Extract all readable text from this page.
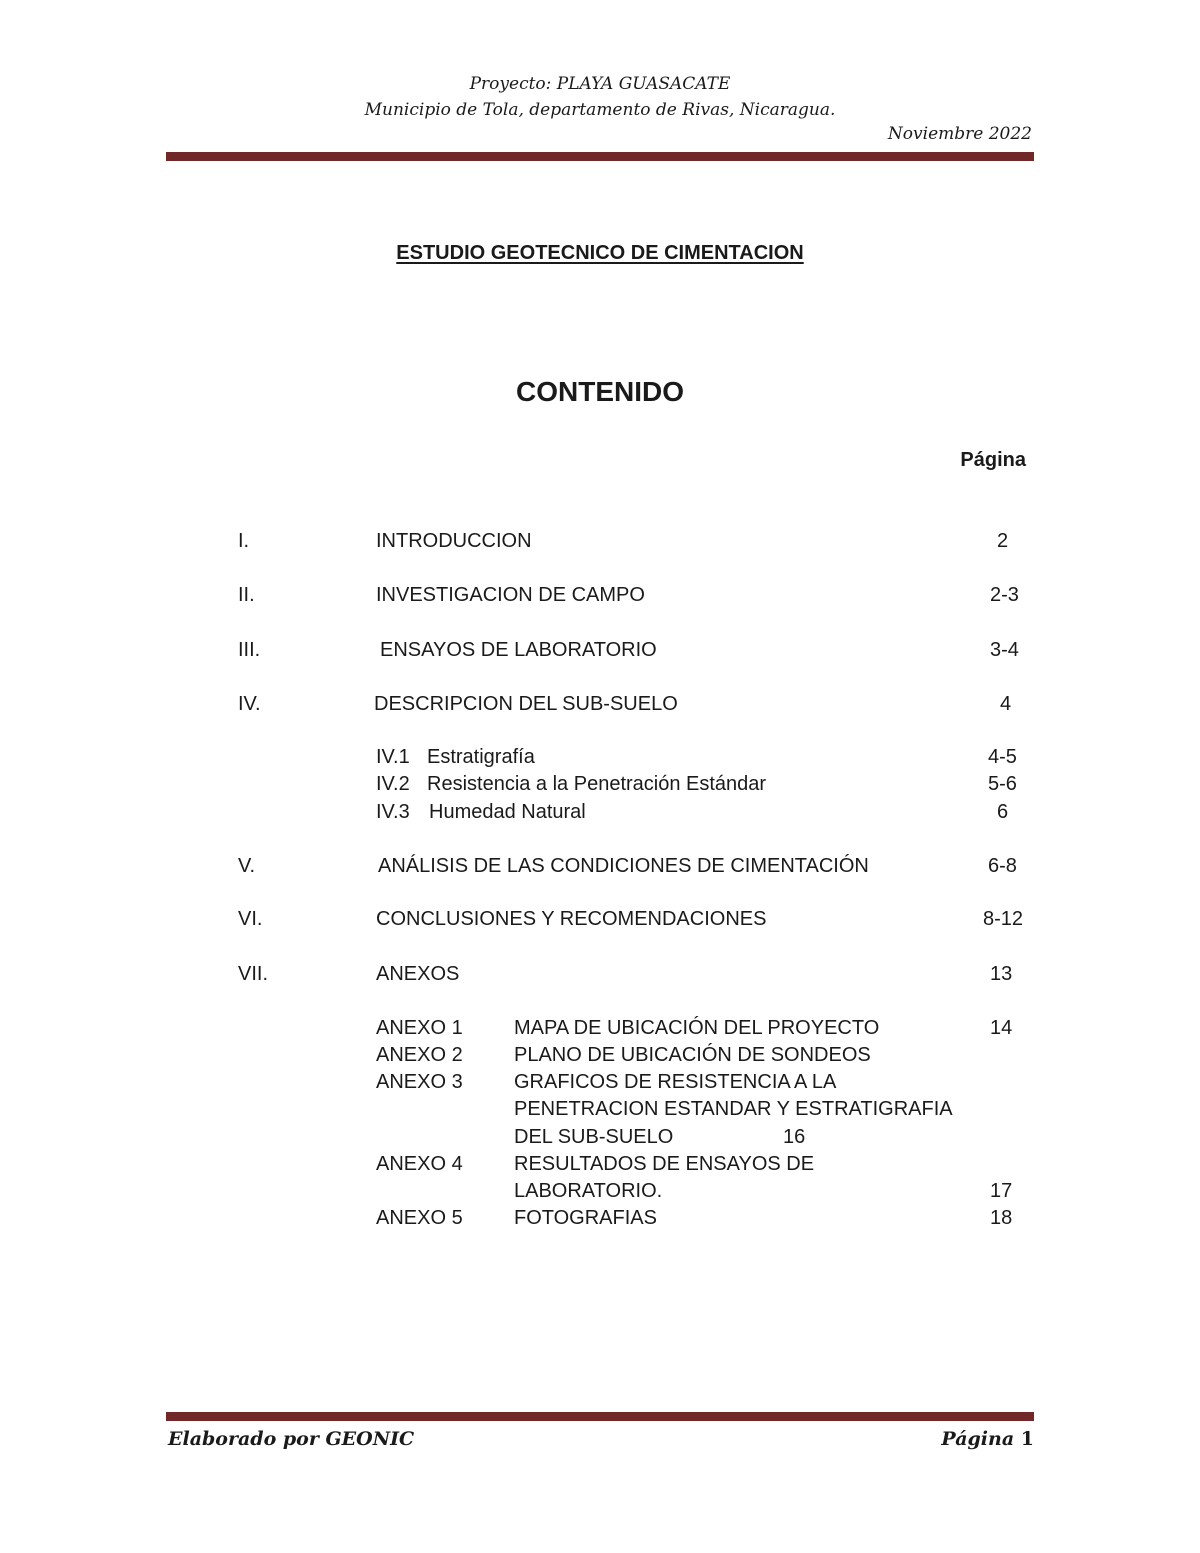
Proyecto: PLAYA GUASACATE
Municipio de Tola, departamento de Rivas, Nicaragua.
Noviembre 2022
ESTUDIO GEOTECNICO DE CIMENTACION
CONTENIDO
Página
I.	INTRODUCCION	2
II.	INVESTIGACION DE CAMPO	2-3
III.	ENSAYOS DE LABORATORIO	3-4
IV.	DESCRIPCION DEL SUB-SUELO	4
IV.1 Estratigrafía	4-5
IV.2 Resistencia a la Penetración Estándar	5-6
IV.3 Humedad Natural	6
V.	ANÁLISIS DE LAS CONDICIONES DE CIMENTACIÓN	6-8
VI.	CONCLUSIONES Y RECOMENDACIONES	8-12
VII.	ANEXOS	13
ANEXO 1	MAPA DE UBICACIÓN DEL PROYECTO	14
ANEXO 2	PLANO DE UBICACIÓN DE SONDEOS
ANEXO 3	GRAFICOS DE RESISTENCIA A LA
PENETRACION ESTANDAR Y ESTRATIGRAFIA
DEL SUB-SUELO	16
ANEXO 4	RESULTADOS DE ENSAYOS DE
LABORATORIO.	17
ANEXO 5	FOTOGRAFIAS	18
Elaborado por GEONIC	Página 1
